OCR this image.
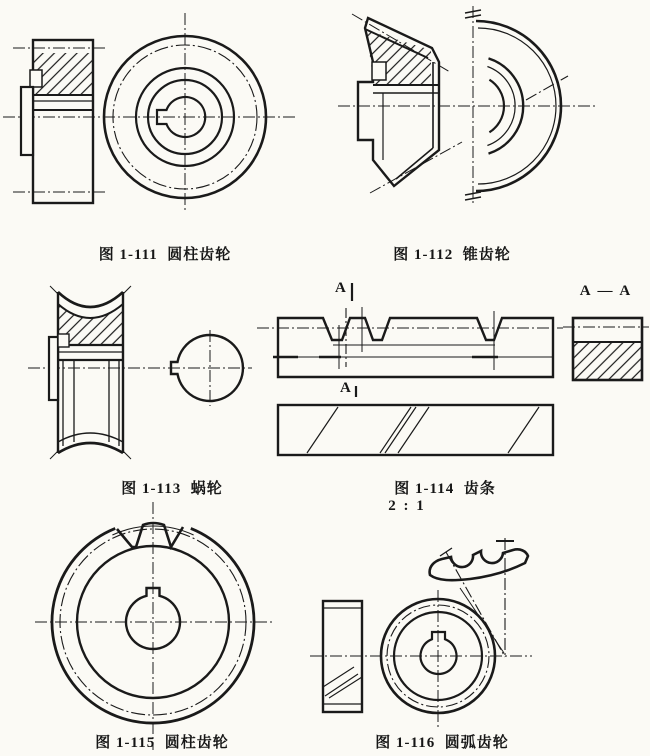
图 1-111  圆柱齿轮	图 1-112  锥齿轮
图 1-113  蜗轮
A
A
A — A
图 1-114  齿条
图 1-115  圆柱齿轮
2 : 1
图 1-116  圆弧齿轮
